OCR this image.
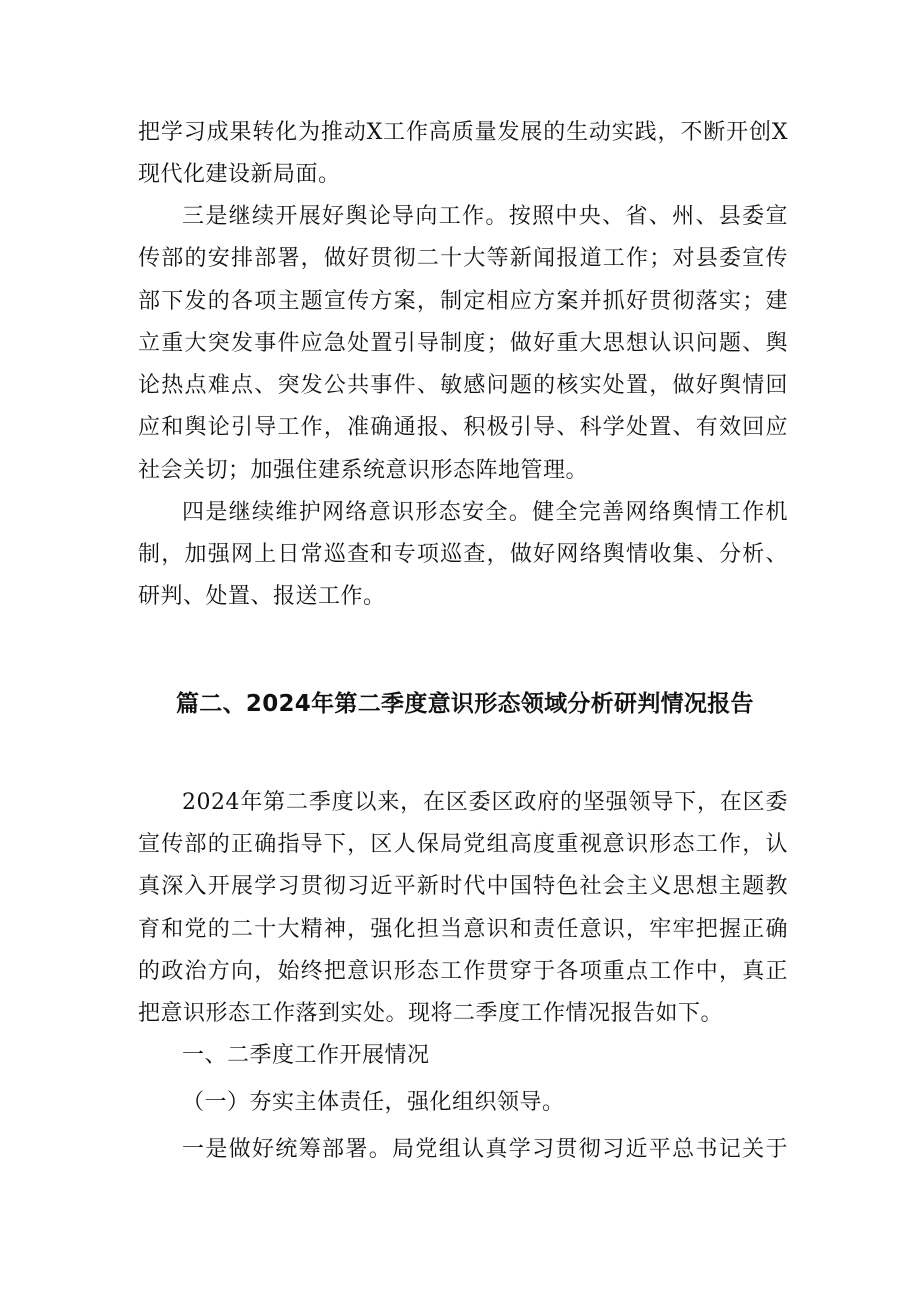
把学习成果转化为推动X工作高质量发展的生动实践，不断开创X
现代化建设新局面。
三是继续开展好舆论导向工作。按照中央、省、州、县委宣
传部的安排部署，做好贯彻二十大等新闻报道工作；对县委宣传
部下发的各项主题宣传方案，制定相应方案并抓好贯彻落实；建
立重大突发事件应急处置引导制度；做好重大思想认识问题、舆
论热点难点、突发公共事件、敏感问题的核实处置，做好舆情回
应和舆论引导工作，准确通报、积极引导、科学处置、有效回应
社会关切；加强住建系统意识形态阵地管理。
四是继续维护网络意识形态安全。健全完善网络舆情工作机
制，加强网上日常巡查和专项巡查，做好网络舆情收集、分析、
研判、处置、报送工作。
篇二、2024年第二季度意识形态领域分析研判情况报告
2024年第二季度以来，在区委区政府的坚强领导下，在区委
宣传部的正确指导下，区人保局党组高度重视意识形态工作，认
真深入开展学习贯彻习近平新时代中国特色社会主义思想主题教
育和党的二十大精神，强化担当意识和责任意识，牢牢把握正确
的政治方向，始终把意识形态工作贯穿于各项重点工作中，真正
把意识形态工作落到实处。现将二季度工作情况报告如下。
一、二季度工作开展情况
（一）夯实主体责任，强化组织领导。
一是做好统筹部署。局党组认真学习贯彻习近平总书记关于
